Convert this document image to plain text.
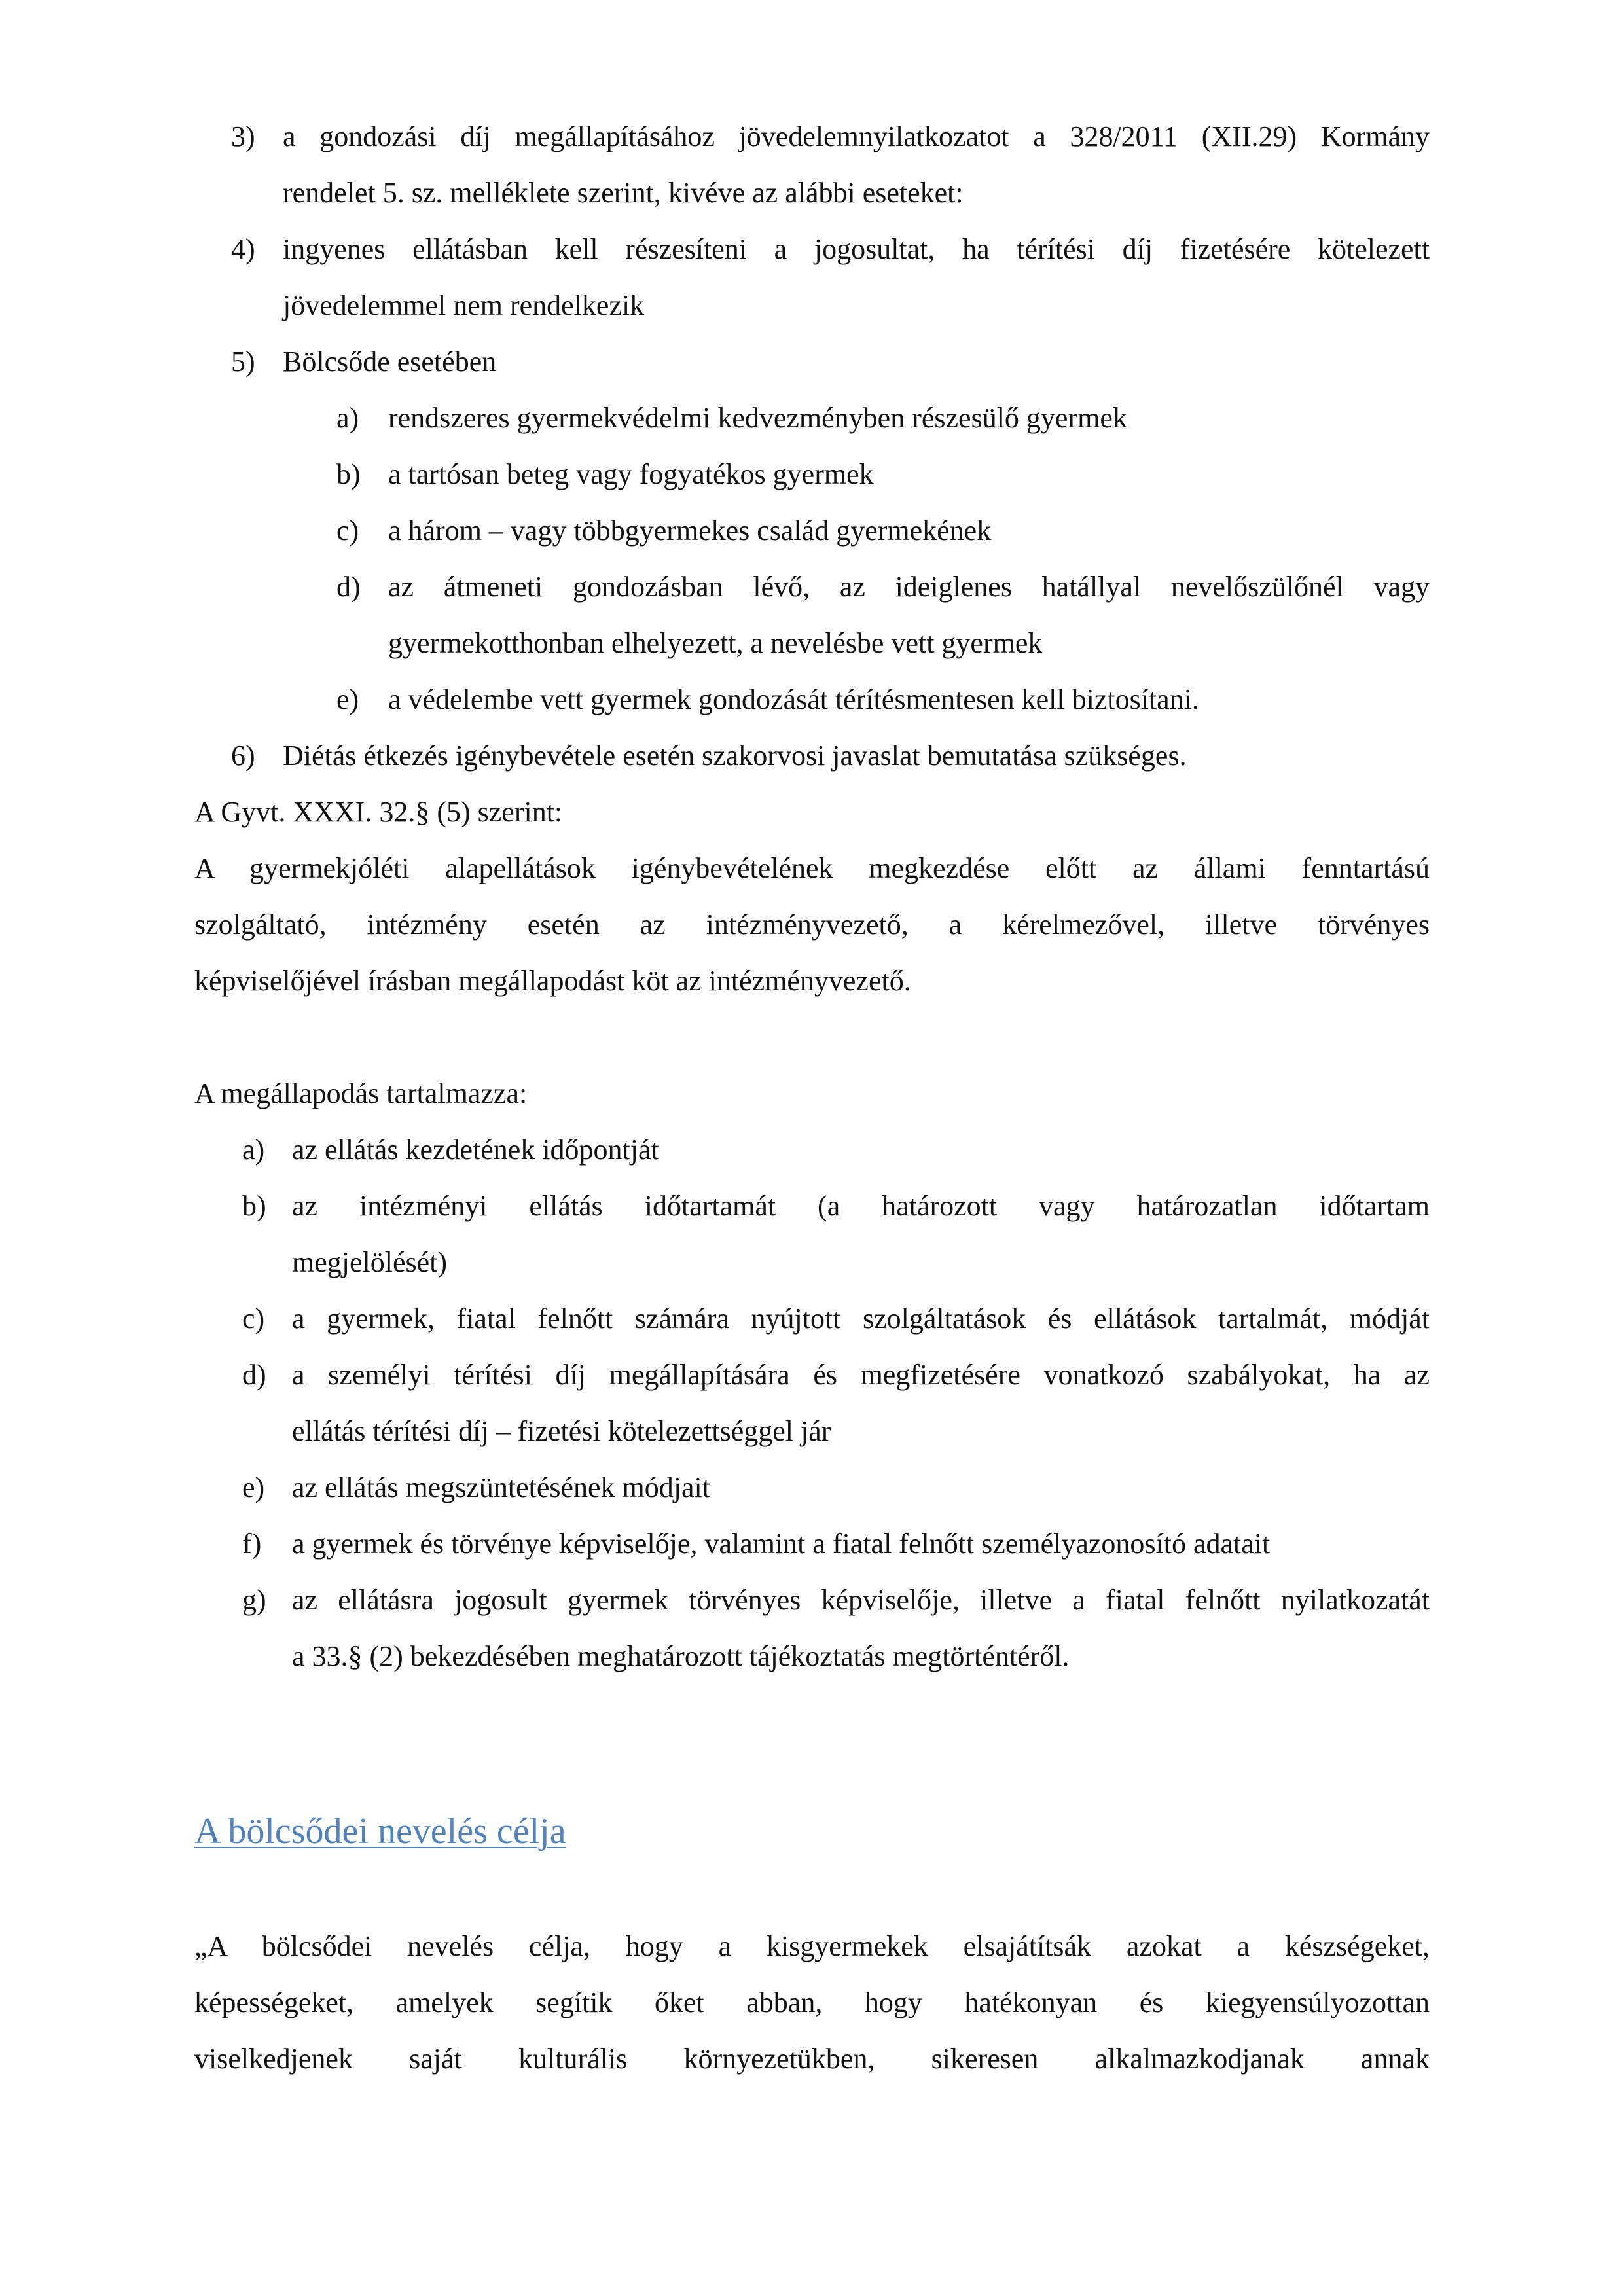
3) a gondozási díj megállapításához jövedelemnyilatkozatot a 328/2011 (XII.29) Kormány
rendelet 5. sz. melléklete szerint, kivéve az alábbi eseteket:
4) ingyenes ellátásban kell részesíteni a jogosultat, ha térítési díj fizetésére kötelezett
jövedelemmel nem rendelkezik
5) Bölcsőde esetében
a) rendszeres gyermekvédelmi kedvezményben részesülő gyermek
b) a tartósan beteg vagy fogyatékos gyermek
c) a három – vagy többgyermekes család gyermekének
d) az átmeneti gondozásban lévő, az ideiglenes hatállyal nevelőszülőnél vagy
gyermekotthonban elhelyezett, a nevelésbe vett gyermek
e) a védelembe vett gyermek gondozását térítésmentesen kell biztosítani.
6) Diétás étkezés igénybevétele esetén szakorvosi javaslat bemutatása szükséges.
A Gyvt. XXXI. 32.§ (5) szerint:
A gyermekjóléti alapellátások igénybevételének megkezdése előtt az állami fenntartású
szolgáltató, intézmény esetén az intézményvezető, a kérelmezővel, illetve törvényes
képviselőjével írásban megállapodást köt az intézményvezető.
A megállapodás tartalmazza:
a) az ellátás kezdetének időpontját
b) az intézményi ellátás időtartamát (a határozott vagy határozatlan időtartam
megjelölését)
c) a gyermek, fiatal felnőtt számára nyújtott szolgáltatások és ellátások tartalmát, módját
d) a személyi térítési díj megállapítására és megfizetésére vonatkozó szabályokat, ha az
ellátás térítési díj – fizetési kötelezettséggel jár
e) az ellátás megszüntetésének módjait
f) a gyermek és törvénye képviselője, valamint a fiatal felnőtt személyazonosító adatait
g) az ellátásra jogosult gyermek törvényes képviselője, illetve a fiatal felnőtt nyilatkozatát
a 33.§ (2) bekezdésében meghatározott tájékoztatás megtörténtéről.
A bölcsődei nevelés célja
„A bölcsődei nevelés célja, hogy a kisgyermekek elsajátítsák azokat a készségeket,
képességeket, amelyek segítik őket abban, hogy hatékonyan és kiegyensúlyozottan
viselkedjenek saját kulturális környezetükben, sikeresen alkalmazkodjanak annak
